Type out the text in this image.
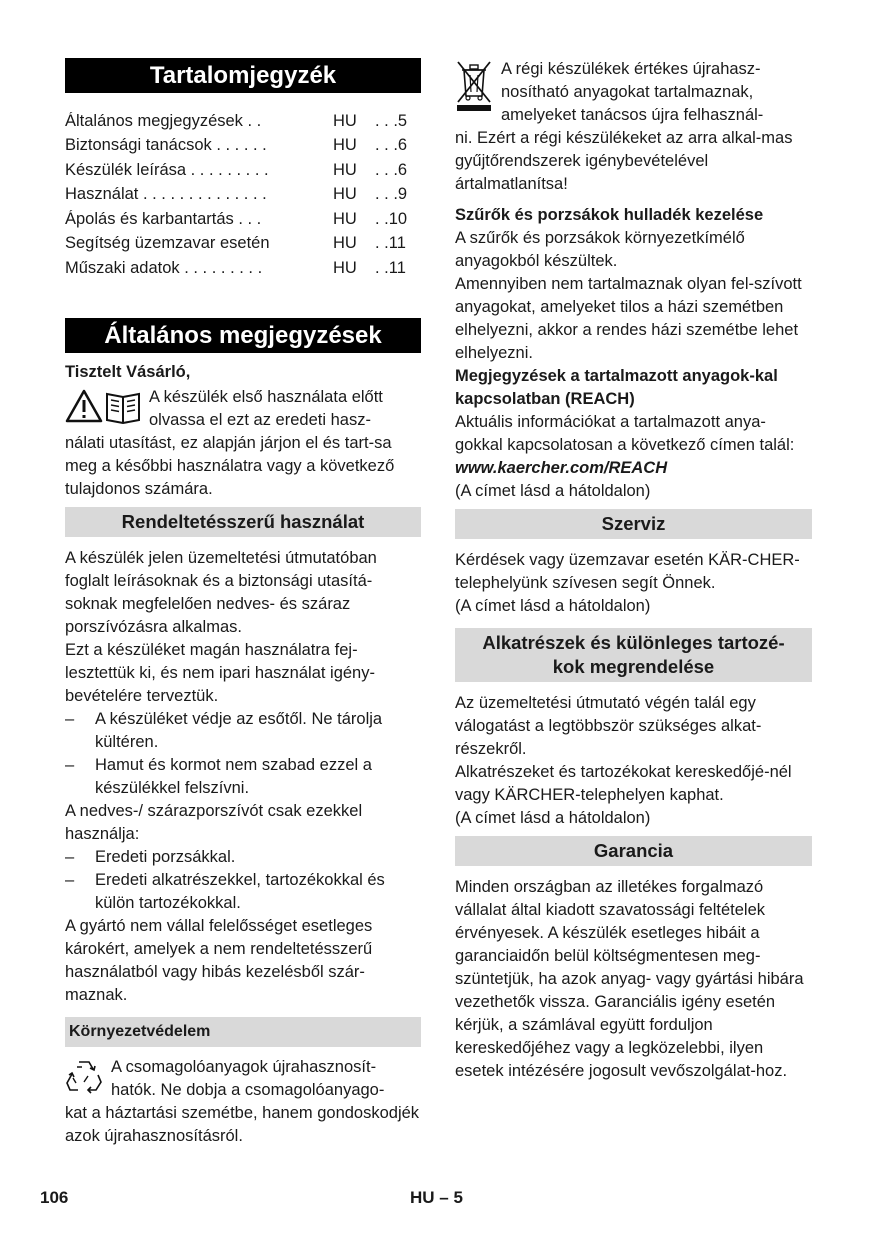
Tartalomjegyzék
Általános megjegyzések . .	HU	. . .5
Biztonsági tanácsok . . . . . .	HU	. . .6
Készülék leírása . . . . . . . . .	HU	. . .6
Használat . . . . . . . . . . . . . .	HU	. . .9
Ápolás és karbantartás . . .	HU	. .10
Segítség üzemzavar esetén	HU	. .11
Műszaki adatok . . . . . . . . .	HU	. .11
Általános megjegyzések

Tisztelt Vásárló,

A készülék első használata előtt

olvassa el ezt az eredeti hasz-

nálati utasítást, ez alapján járjon el és tart-sa meg a későbbi használatra vagy a következő tulajdonos számára.

Rendeltetésszerű használat

A készülék jelen üzemeltetési útmutatóban foglalt leírásoknak és a biztonsági utasítá-soknak megfelelően nedves- és száraz porszívózásra alkalmas.

Ezt a készüléket magán használatra fej-lesztettük ki, és nem ipari használat igény-bevételére terveztük.

–	A készüléket védje az esőtől. Ne tárolja kültéren.
–	Hamut és kormot nem szabad ezzel a készülékkel felszívni.

A nedves-/ szárazporszívót csak ezekkel használja:

–	Eredeti porzsákkal.
–	Eredeti alkatrészekkel, tartozékokkal és külön tartozékokkal.

A gyártó nem vállal felelősséget esetleges károkért, amelyek a nem rendeltetésszerű használatból vagy hibás kezelésből szár-maznak.

Környezetvédelem

A csomagolóanyagok újrahasznosít-

hatók. Ne dobja a csomagolóanyago-

kat a háztartási szemétbe, hanem gondoskodjék azok újrahasznosításról.

A régi készülékek értékes újrahasz-

nosítható anyagokat tartalmaznak,

amelyeket tanácsos újra felhasznál-

ni. Ezért a régi készülékeket az arra alkal-mas gyűjtőrendszerek igénybevételével ártalmatlanítsa!

Szűrők és porzsákok hulladék kezelése

A szűrők és porzsákok környezetkímélő anyagokból készültek.

Amennyiben nem tartalmaznak olyan fel-szívott anyagokat, amelyeket tilos a házi szemétben elhelyezni, akkor a rendes házi szemétbe lehet elhelyezni.

Megjegyzések a tartalmazott anyagok-kal kapcsolatban (REACH)

Aktuális információkat a tartalmazott anya-gokkal kapcsolatosan a következő címen talál:

www.kaercher.com/REACH

(A címet lásd a hátoldalon)

Szerviz

Kérdések vagy üzemzavar esetén KÄR-CHER-telephelyünk szívesen segít Önnek.

(A címet lásd a hátoldalon)

Alkatrészek és különleges tartozé-
kok megrendelése

Az üzemeltetési útmutató végén talál egy válogatást a legtöbbször szükséges alkat-részekről.

Alkatrészeket és tartozékokat kereskedőjé-nél vagy KÄRCHER-telephelyen kaphat.

(A címet lásd a hátoldalon)

Garancia

Minden országban az illetékes forgalmazó vállalat által kiadott szavatossági feltételek érvényesek. A készülék esetleges hibáit a garanciaidőn belül költségmentesen meg-szüntetjük, ha azok anyag- vagy gyártási hibára vezethetők vissza. Garanciális igény esetén kérjük, a számlával együtt forduljon kereskedőjéhez vagy a legközelebbi, ilyen esetek intézésére jogosult vevőszolgálat-hoz.

106	HU – 5
